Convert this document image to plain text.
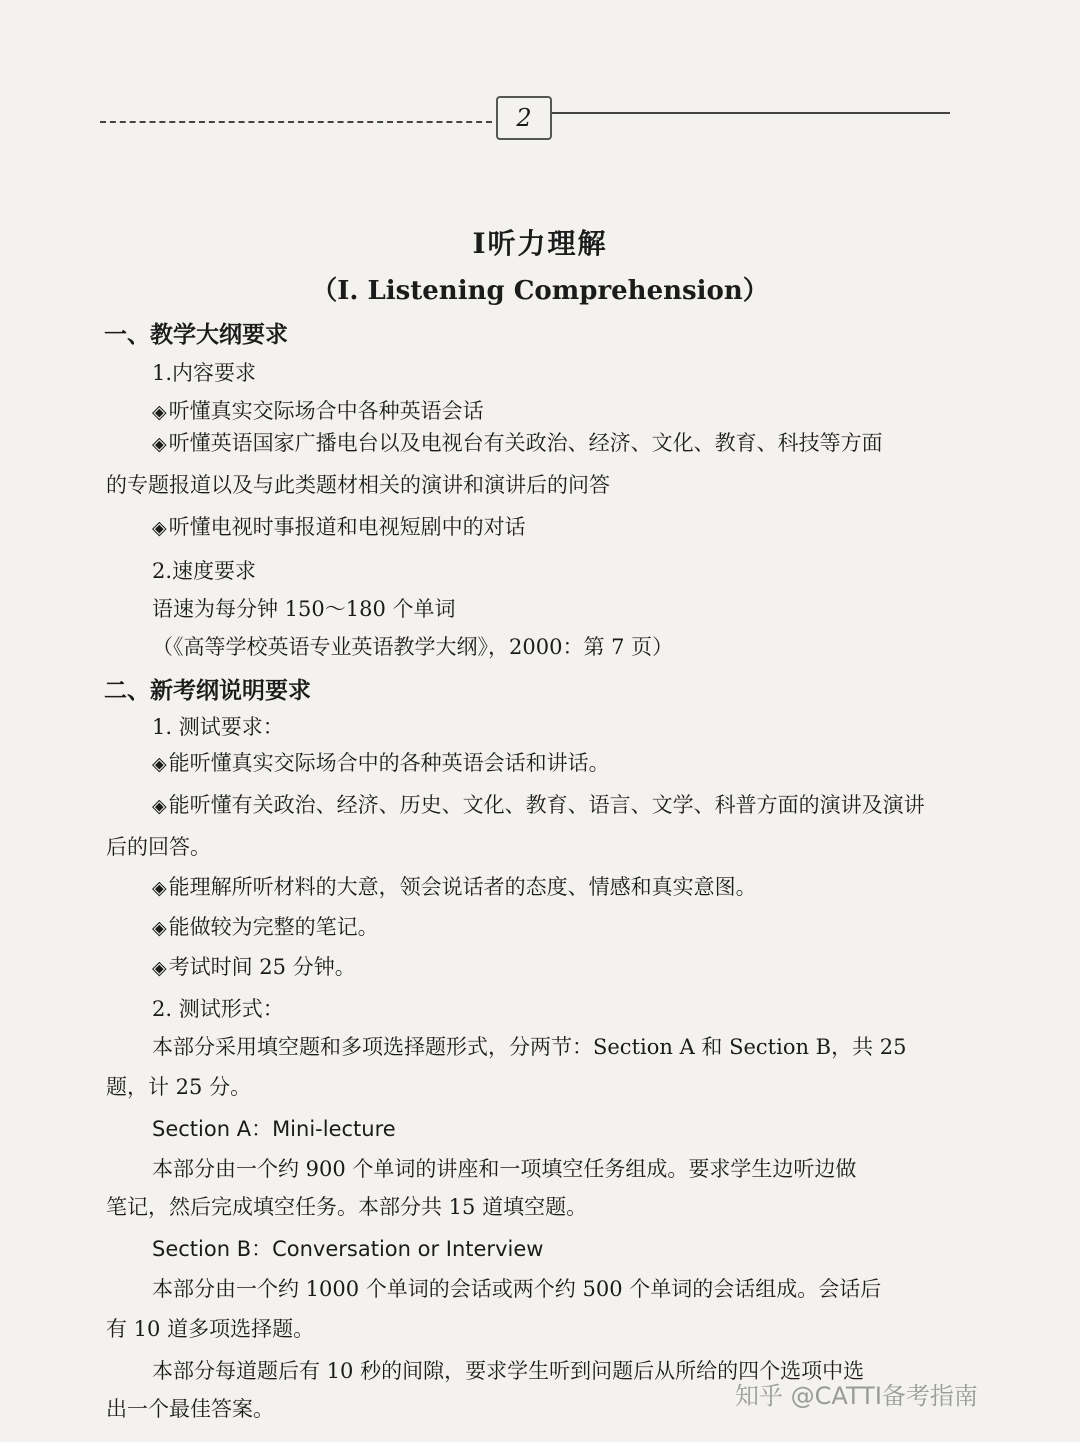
2
Ⅰ听力理解
（I. Listening Comprehension）
一、教学大纲要求
1.内容要求
◈听懂真实交际场合中各种英语会话
◈听懂英语国家广播电台以及电视台有关政治、经济、文化、教育、科技等方面
的专题报道以及与此类题材相关的演讲和演讲后的问答
◈听懂电视时事报道和电视短剧中的对话
2.速度要求
语速为每分钟 150～180 个单词
（《高等学校英语专业英语教学大纲》，2000：第 7 页）
二、新考纲说明要求
1. 测试要求：
◈能听懂真实交际场合中的各种英语会话和讲话。
◈能听懂有关政治、经济、历史、文化、教育、语言、文学、科普方面的演讲及演讲
后的回答。
◈能理解所听材料的大意，领会说话者的态度、情感和真实意图。
◈能做较为完整的笔记。
◈考试时间 25 分钟。
2. 测试形式：
本部分采用填空题和多项选择题形式，分两节：Section A 和 Section B，共 25
题，计 25 分。
Section A：Mini-lecture
本部分由一个约 900 个单词的讲座和一项填空任务组成。要求学生边听边做
笔记，然后完成填空任务。本部分共 15 道填空题。
Section B：Conversation or Interview
本部分由一个约 1000 个单词的会话或两个约 500 个单词的会话组成。会话后
有 10 道多项选择题。
本部分每道题后有 10 秒的间隙，要求学生听到问题后从所给的四个选项中选
出一个最佳答案。	知乎 @CATTI备考指南
